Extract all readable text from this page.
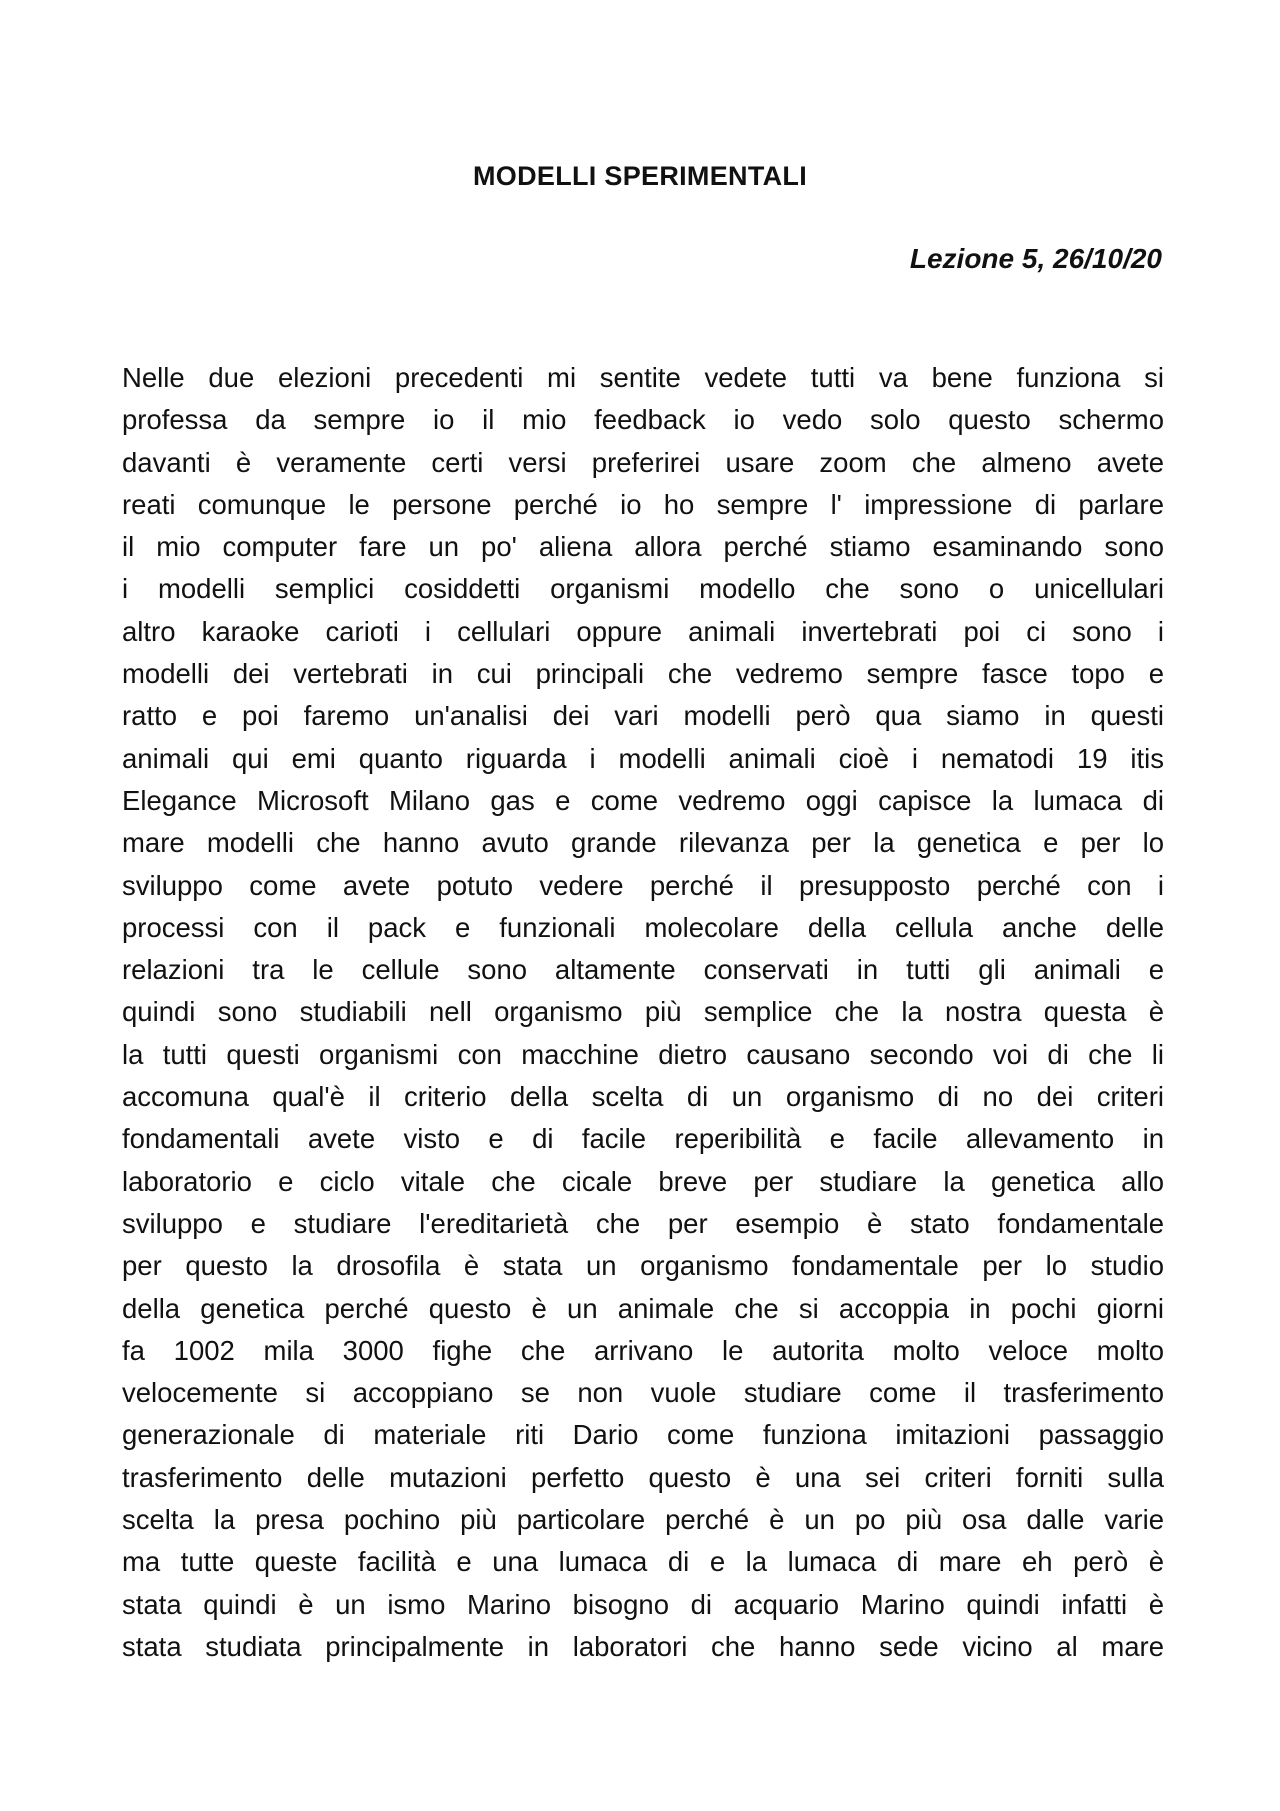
MODELLI SPERIMENTALI
Lezione 5, 26/10/20
Nelle due elezioni precedenti mi sentite vedete tutti va bene funziona si
professa da sempre io il mio feedback io vedo solo questo schermo
davanti è veramente certi versi preferirei usare zoom che almeno avete
reati comunque le persone perché io ho sempre l' impressione di parlare
il mio computer fare un po' aliena allora perché stiamo esaminando sono
i modelli semplici cosiddetti organismi modello che sono o unicellulari
altro karaoke carioti i cellulari oppure animali invertebrati poi ci sono i
modelli dei vertebrati in cui principali che vedremo sempre fasce topo e
ratto e poi faremo un'analisi dei vari modelli però qua siamo in questi
animali qui emi quanto riguarda i modelli animali cioè i nematodi 19 itis
Elegance Microsoft Milano gas e come vedremo oggi capisce la lumaca di
mare modelli che hanno avuto grande rilevanza per la genetica e per lo
sviluppo come avete potuto vedere perché il presupposto perché con i
processi con il pack e funzionali molecolare della cellula anche delle
relazioni tra le cellule sono altamente conservati in tutti gli animali e
quindi sono studiabili nell organismo più semplice che la nostra questa è
la tutti questi organismi con macchine dietro causano secondo voi di che li
accomuna qual'è il criterio della scelta di un organismo di no dei criteri
fondamentali avete visto e di facile reperibilità e facile allevamento in
laboratorio e ciclo vitale che cicale breve per studiare la genetica allo
sviluppo e studiare l'ereditarietà che per esempio è stato fondamentale
per questo la drosofila è stata un organismo fondamentale per lo studio
della genetica perché questo è un animale che si accoppia in pochi giorni
fa 1002 mila 3000 fighe che arrivano le autorita molto veloce molto
velocemente si accoppiano se non vuole studiare come il trasferimento
generazionale di materiale riti Dario come funziona imitazioni passaggio
trasferimento delle mutazioni perfetto questo è una sei criteri forniti sulla
scelta la presa pochino più particolare perché è un po più osa dalle varie
ma tutte queste facilità e una lumaca di e la lumaca di mare eh però è
stata quindi è un ismo Marino bisogno di acquario Marino quindi infatti è
stata studiata principalmente in laboratori che hanno sede vicino al mare
